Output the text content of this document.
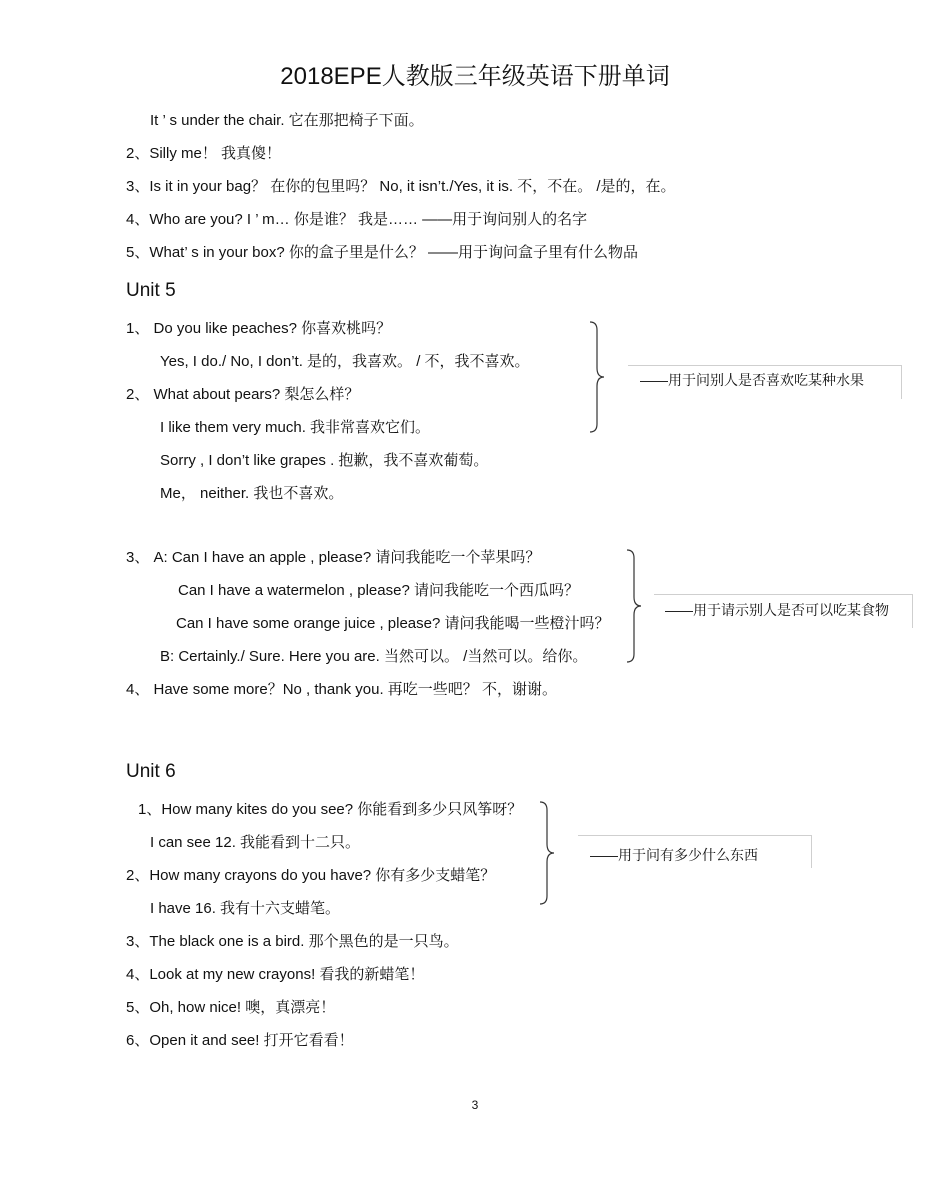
2018EPE人教版三年级英语下册单词
It ’ s under the chair. 它在那把椅子下面。
2、Silly me！ 我真傻！
3、Is it in your bag？ 在你的包里吗？ No, it isn’t./Yes, it is. 不，不在。 /是的，在。
4、Who are you? I ’ m… 你是谁？ 我是…… ——用于询问别人的名字
5、What’ s in your box? 你的盒子里是什么？ ——用于询问盒子里有什么物品
Unit 5
1、 Do you like peaches? 你喜欢桃吗？
Yes, I do./ No, I don’t. 是的，我喜欢。 / 不，我不喜欢。
2、 What about pears? 梨怎么样？
I like them very much. 我非常喜欢它们。
Sorry , I don’t like grapes . 抱歉，我不喜欢葡萄。
Me， neither. 我也不喜欢。
3、 A: Can I have an apple , please? 请问我能吃一个苹果吗？
Can I have a watermelon , please? 请问我能吃一个西瓜吗？
Can I have some orange juice , please? 请问我能喝一些橙汁吗？
B: Certainly./ Sure. Here you are. 当然可以。 /当然可以。给你。
4、 Have some more？No , thank you. 再吃一些吧？ 不，谢谢。
——用于问别人是否喜欢吃某种水果
——用于请示别人是否可以吃某食物
Unit 6
1、How many kites do you see? 你能看到多少只风筝呀？
I can see 12. 我能看到十二只。
2、How many crayons do you have? 你有多少支蜡笔？
I have 16. 我有十六支蜡笔。
3、The black one is a bird. 那个黑色的是一只鸟。
4、Look at my new crayons! 看我的新蜡笔！
5、Oh, how nice! 噢，真漂亮！
6、Open it and see! 打开它看看！
——用于问有多少什么东西
3
